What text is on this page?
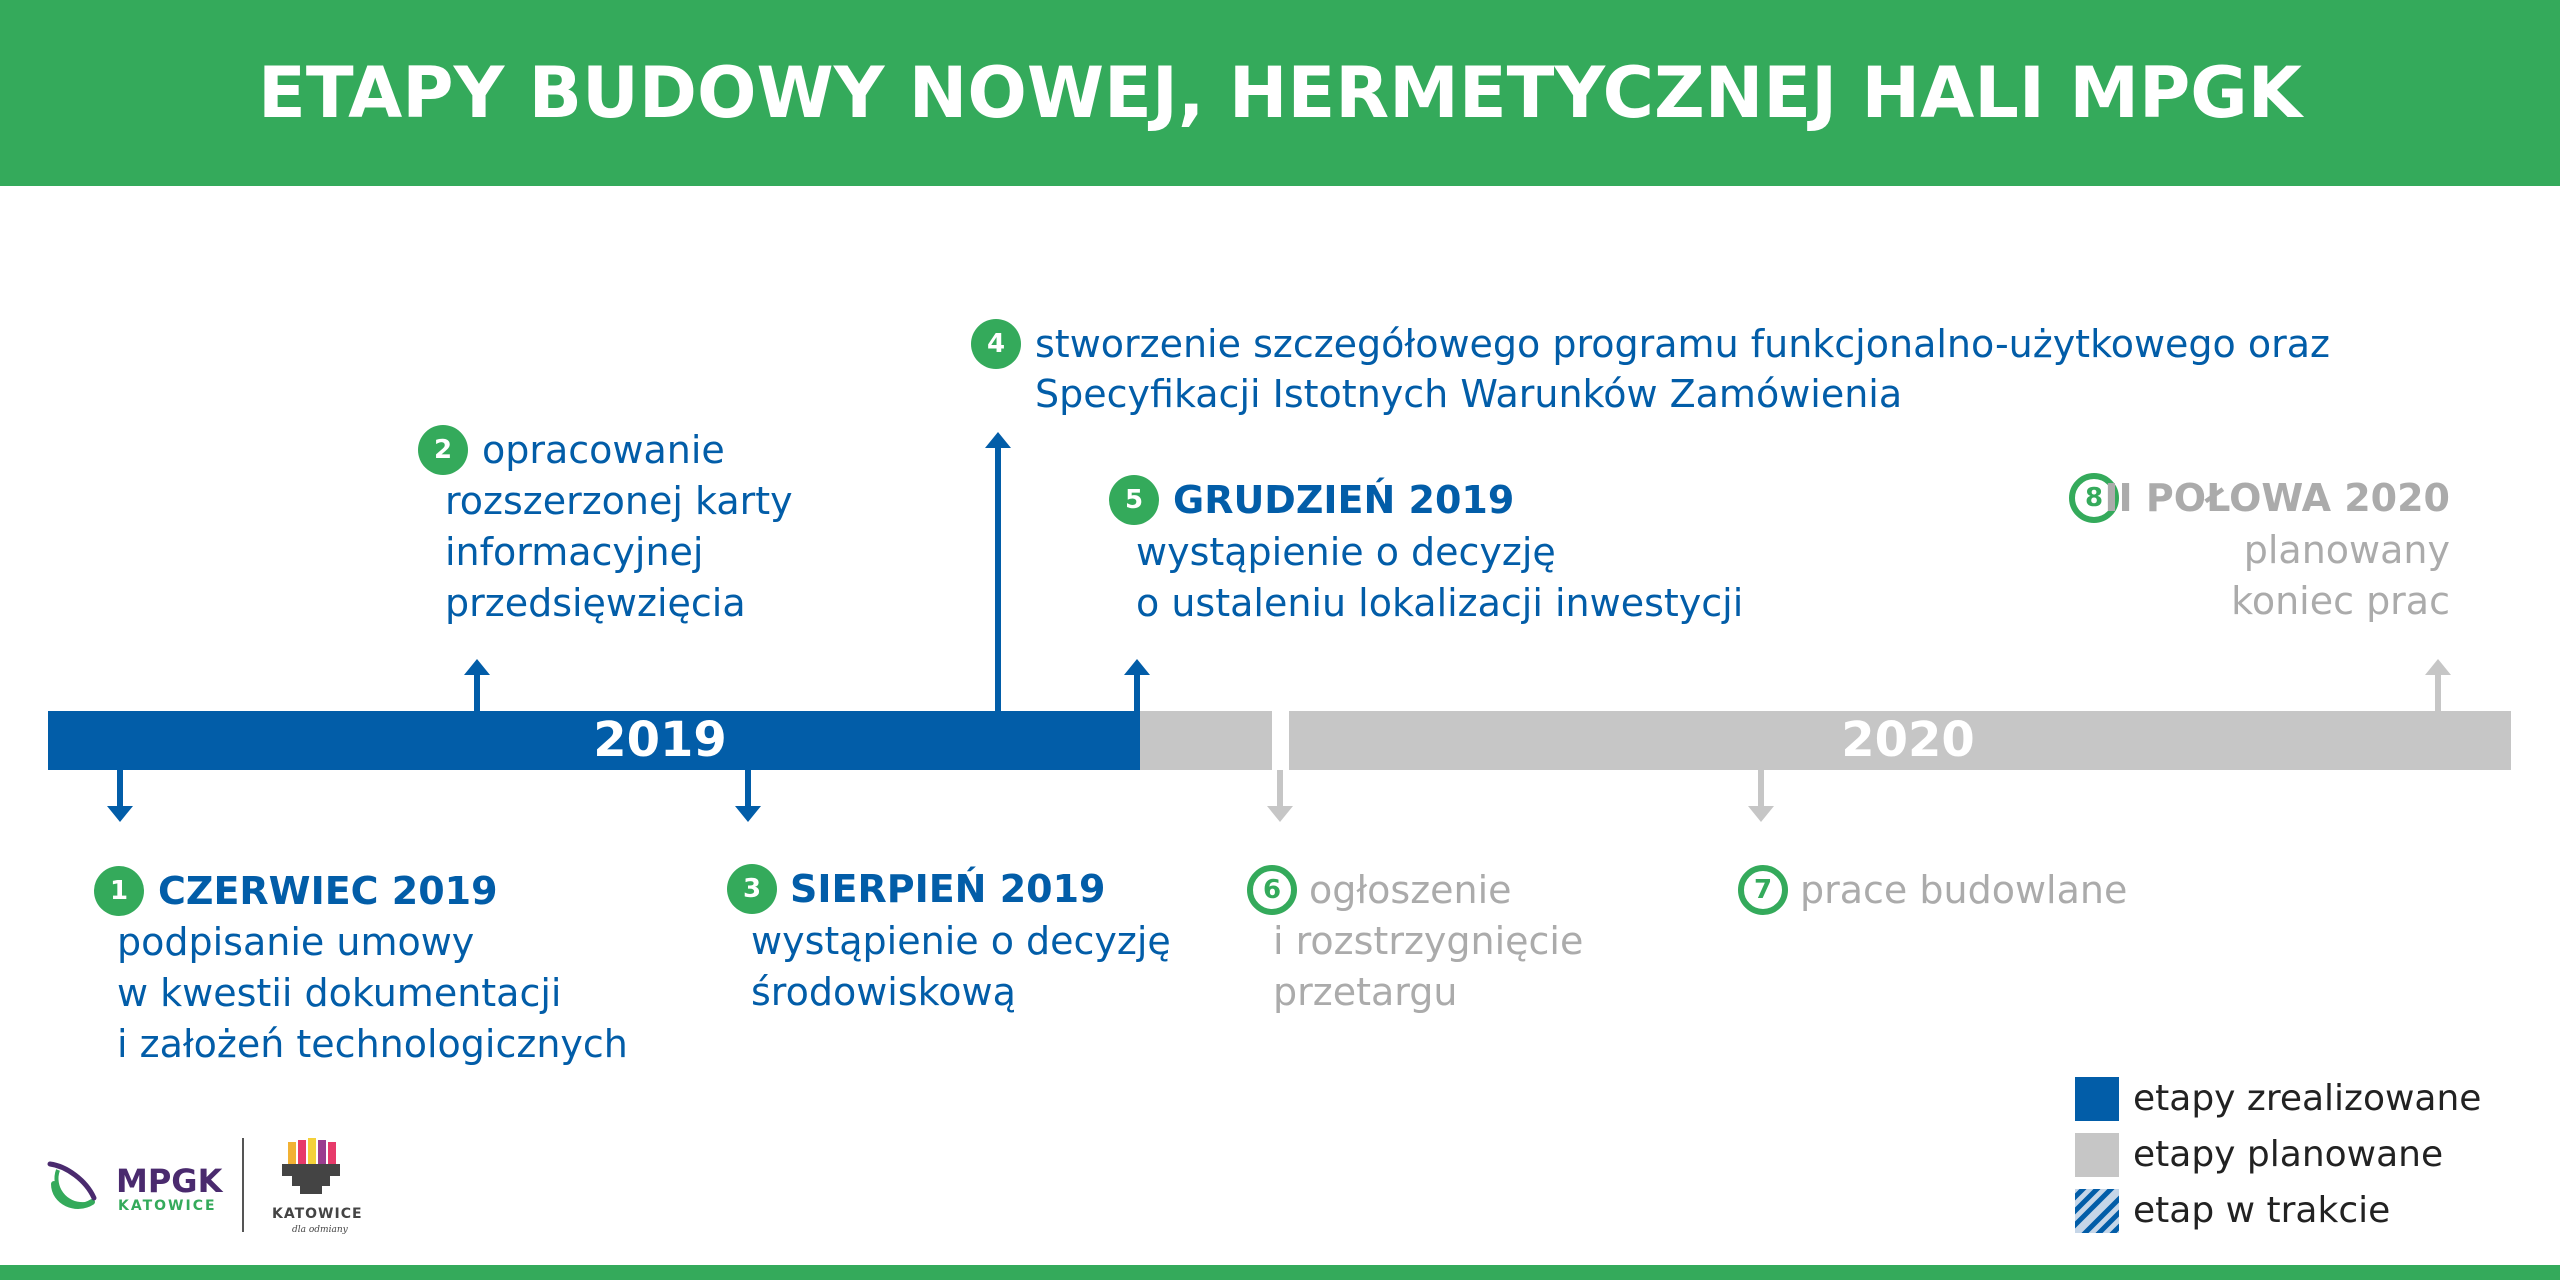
ETAPY BUDOWY NOWEJ, HERMETYCZNEJ HALI MPGK
2019	2020
1 CZERWIEC 2019
podpisanie umowy
w kwestii dokumentacji
i założeń technologicznych
2 opracowanie
rozszerzonej karty
informacyjnej
przedsięwzięcia
3 SIERPIEŃ 2019
wystąpienie o decyzję
środowiskową
4 stworzenie szczegółowego programu funkcjonalno-użytkowego oraz
Specyfikacji Istotnych Warunków Zamówienia
5 GRUDZIEŃ 2019
wystąpienie o decyzję
o ustaleniu lokalizacji inwestycji
6 ogłoszenie
i rozstrzygnięcie
przetargu
7 prace budowlane
8 II POŁOWA 2020
planowany
koniec prac
etapy zrealizowane
etapy planowane
etap w trakcie
MPGK
KATOWICE	KATOWICE
dla odmiany
